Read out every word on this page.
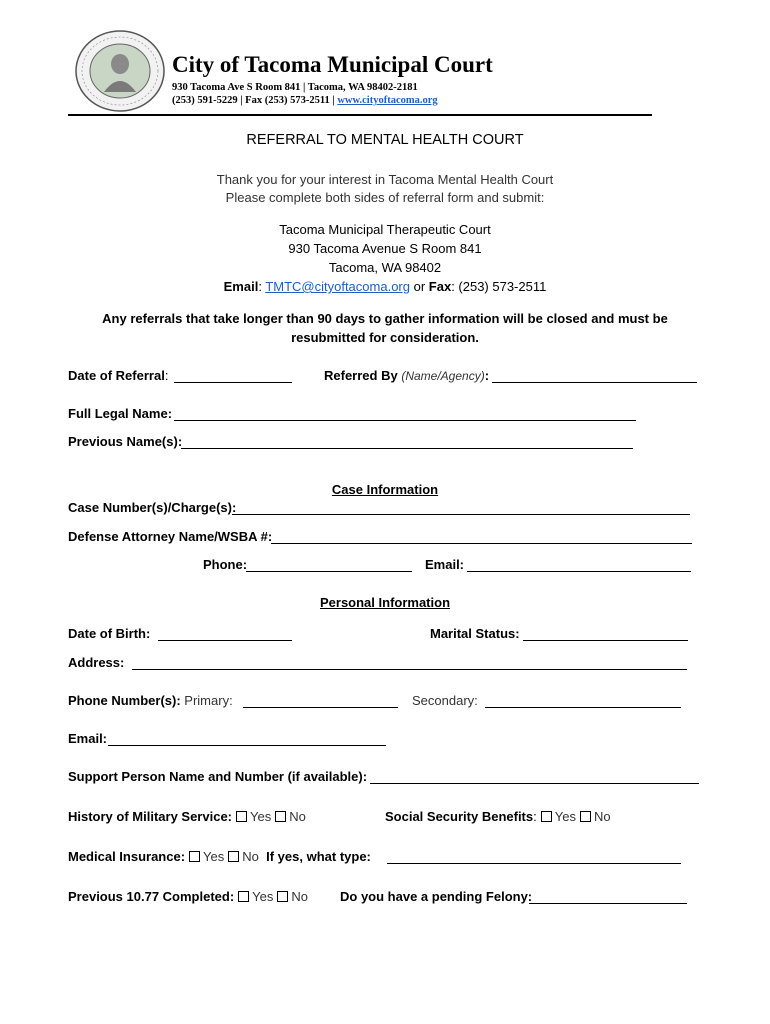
City of Tacoma Municipal Court
930 Tacoma Ave S Room 841 | Tacoma, WA 98402-2181
(253) 591-5229 | Fax (253) 573-2511 | www.cityoftacoma.org
REFERRAL TO MENTAL HEALTH COURT
Thank you for your interest in Tacoma Mental Health Court
Please complete both sides of referral form and submit:
Tacoma Municipal Therapeutic Court
930 Tacoma Avenue S Room 841
Tacoma, WA 98402
Email: TMTC@cityoftacoma.org or Fax: (253) 573-2511
Any referrals that take longer than 90 days to gather information will be closed and must be
resubmitted for consideration.
Date of Referral:	Referred By (Name/Agency):
Full Legal Name:
Previous Name(s):
Case Information
Case Number(s)/Charge(s):
Defense Attorney Name/WSBA #:
Phone:	Email:
Personal Information
Date of Birth:	Marital Status:
Address:
Phone Number(s): Primary:	Secondary:
Email:
Support Person Name and Number (if available):
History of Military Service: Yes No	Social Security Benefits: Yes No
Medical Insurance: Yes No If yes, what type:
Previous 10.77 Completed: Yes No Do you have a pending Felony:
